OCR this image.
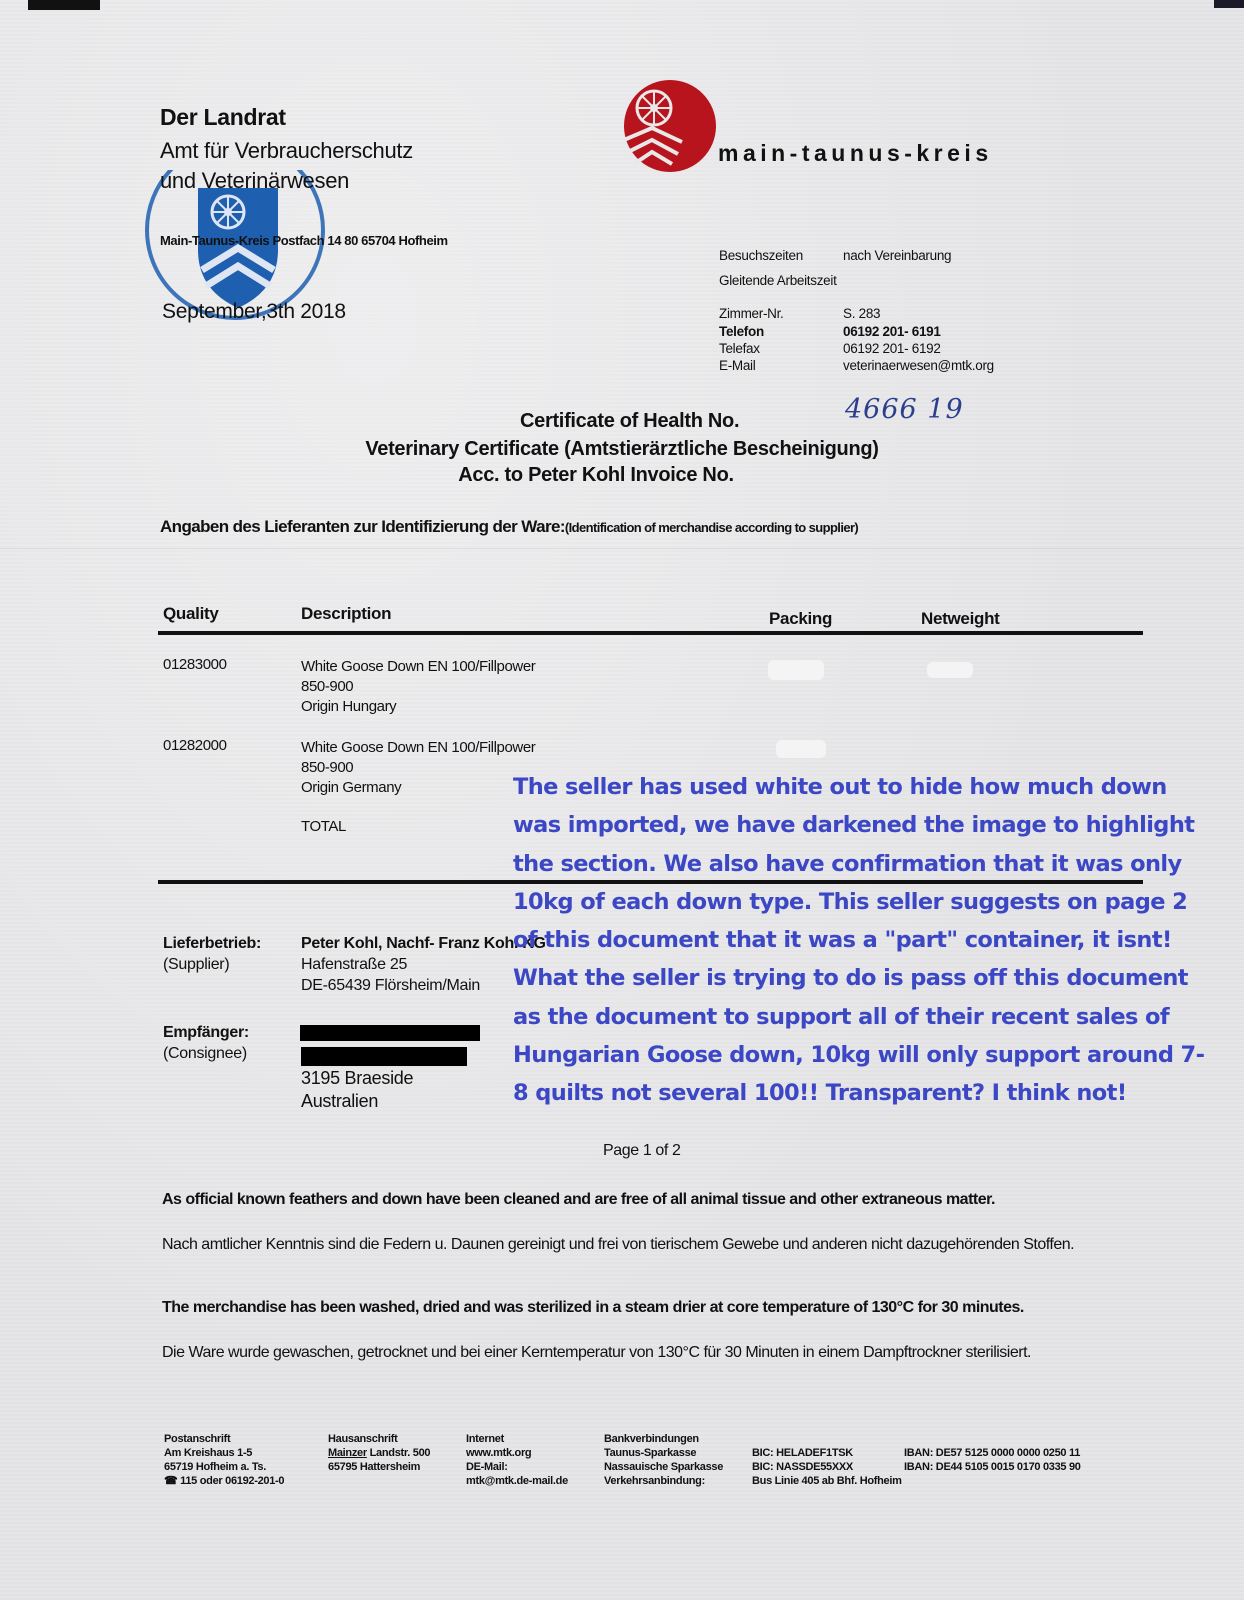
Der Landrat
Amt für Verbraucherschutz
und Veterinärwesen
Main-Taunus-Kreis Postfach 14 80 65704 Hofheim
September,3th 2018
main-taunus-kreis
Besuchszeiten	nach Vereinbarung
Gleitende Arbeitszeit
Zimmer-Nr.	S. 283
Telefon	06192 201- 6191
Telefax	06192 201- 6192
E-Mail	veterinaerwesen@mtk.org
Certificate of Health No.	4666 19
Veterinary Certificate (Amtstierärztliche Bescheinigung)
Acc. to Peter Kohl Invoice No.
Angaben des Lieferanten zur Identifizierung der Ware:(Identification of merchandise according to supplier)
Quality	Description	Packing	Netweight
01283000	White Goose Down EN 100/Fillpower
850-900
Origin Hungary
01282000	White Goose Down EN 100/Fillpower
850-900
Origin Germany
TOTAL
Lieferbetrieb:
(Supplier)
Peter Kohl, Nachf- Franz Kohl KG
Hafenstraße 25
DE-65439 Flörsheim/Main
Empfänger:
(Consignee)
3195 Braeside
Australien
Page 1 of 2
The seller has used white out to hide how much down was imported, we have darkened the image to highlight the section. We also have confirmation that it was only 10kg of each down type. This seller suggests on page 2 of this document that it was a "part" container, it isnt! What the seller is trying to do is pass off this document as the document to support all of their recent sales of Hungarian Goose down, 10kg will only support around 7-8 quilts not several 100!! Transparent? I think not!
As official known feathers and down have been cleaned and are free of all animal tissue and other extraneous matter.
Nach amtlicher Kenntnis sind die Federn u. Daunen gereinigt und frei von tierischem Gewebe und anderen nicht dazugehörenden Stoffen.
The merchandise has been washed, dried and was sterilized in a steam drier at core temperature of 130°C for 30 minutes.
Die Ware wurde gewaschen, getrocknet und bei einer Kerntemperatur von 130°C für 30 Minuten in einem Dampftrockner sterilisiert.
Postanschrift
Am Kreishaus 1-5
65719 Hofheim a. Ts.
☎ 115 oder 06192-201-0
Hausanschrift
Mainzer Landstr. 500
65795 Hattersheim
Internet
www.mtk.org
DE-Mail:
mtk@mtk.de-mail.de
Bankverbindungen
Taunus-Sparkasse	BIC: HELADEF1TSK	IBAN: DE57 5125 0000 0000 0250 11
Nassauische Sparkasse	BIC: NASSDE55XXX	IBAN: DE44 5105 0015 0170 0335 90
Verkehrsanbindung:	Bus Linie 405 ab Bhf. Hofheim
